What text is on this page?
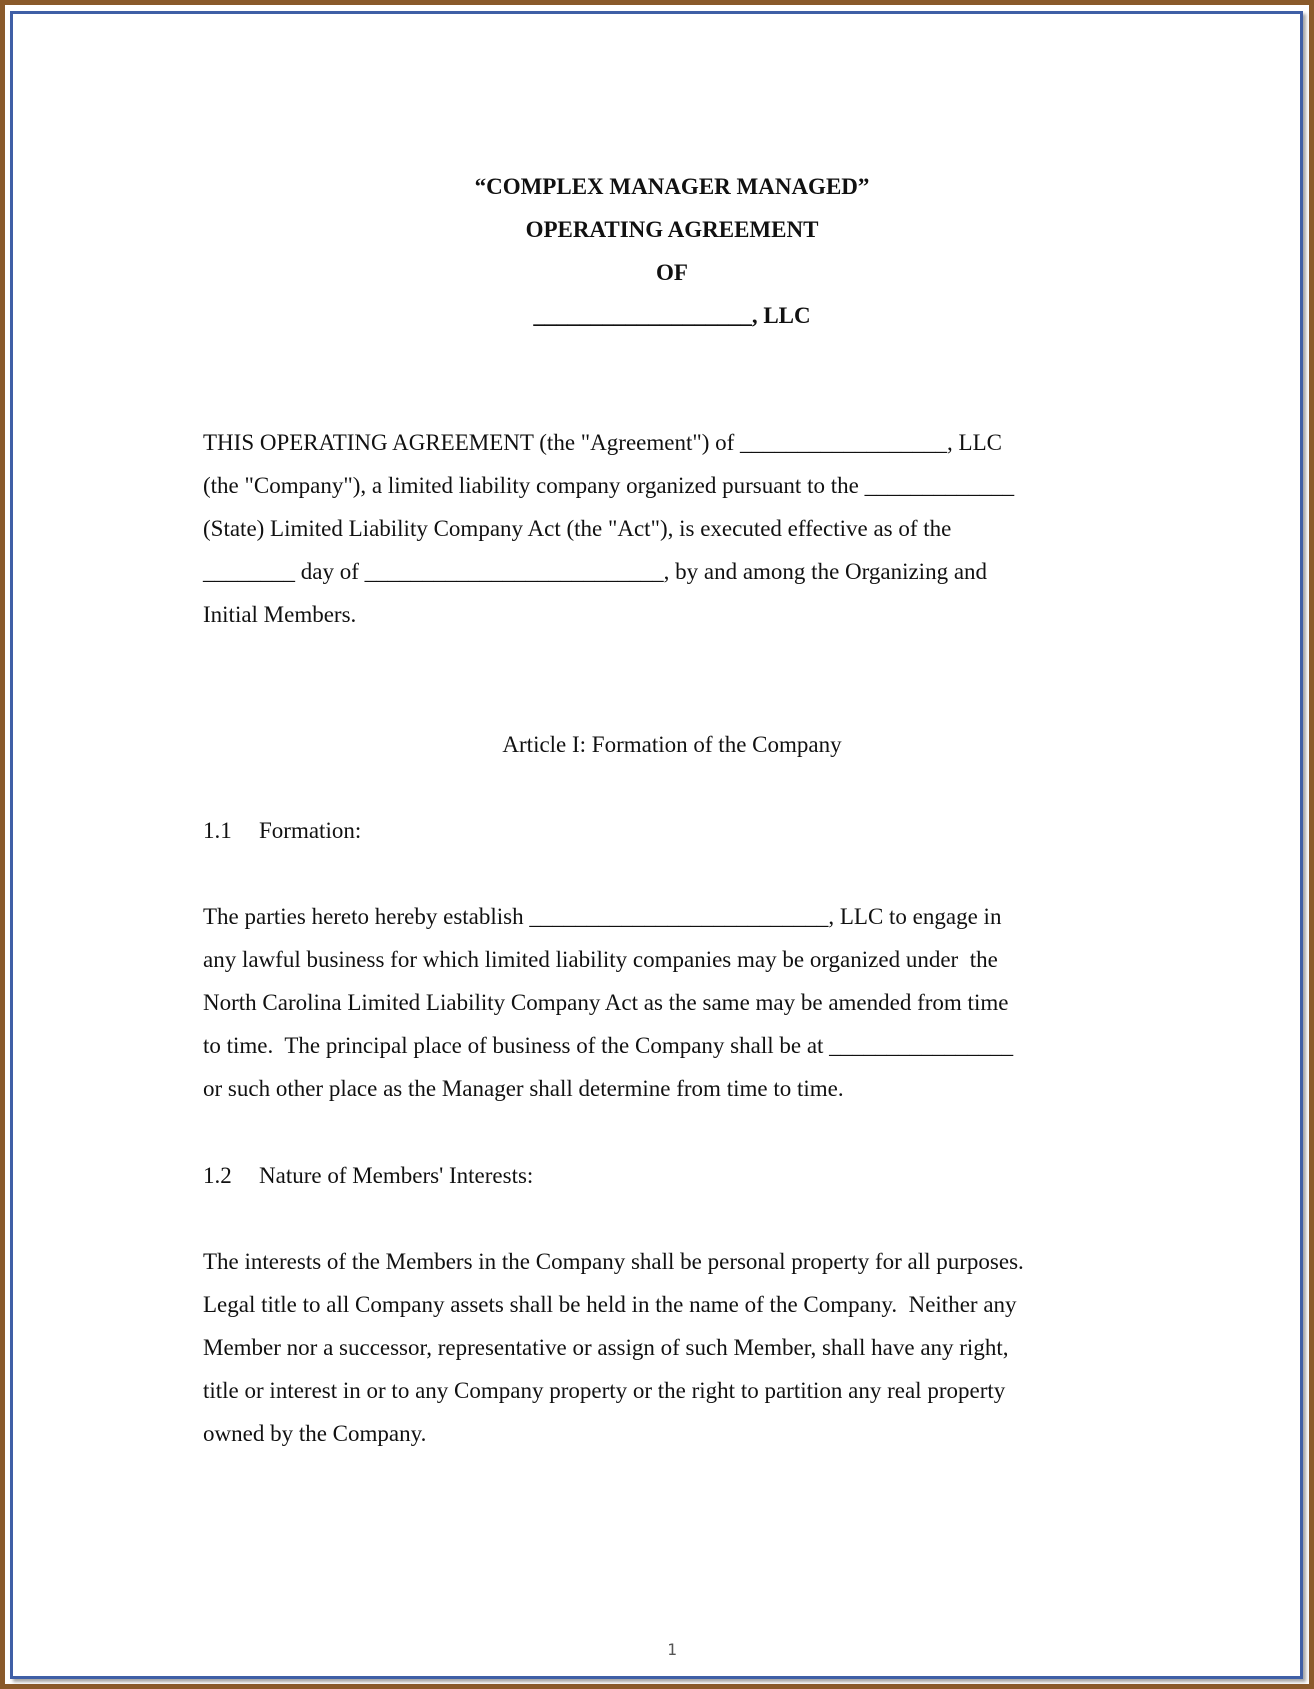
“COMPLEX MANAGER MANAGED”
OPERATING AGREEMENT
OF
___________________, LLC
THIS OPERATING AGREEMENT (the "Agreement") of __________________, LLC
(the "Company"), a limited liability company organized pursuant to the _____________
(State) Limited Liability Company Act (the "Act"), is executed effective as of the
________ day of __________________________, by and among the Organizing and
Initial Members.
Article I: Formation of the Company
1.1 Formation:
The parties hereto hereby establish __________________________, LLC to engage in
any lawful business for which limited liability companies may be organized under  the
North Carolina Limited Liability Company Act as the same may be amended from time
to time.  The principal place of business of the Company shall be at ________________
or such other place as the Manager shall determine from time to time.
1.2 Nature of Members' Interests:
The interests of the Members in the Company shall be personal property for all purposes.
Legal title to all Company assets shall be held in the name of the Company.  Neither any
Member nor a successor, representative or assign of such Member, shall have any right,
title or interest in or to any Company property or the right to partition any real property
owned by the Company.
1
